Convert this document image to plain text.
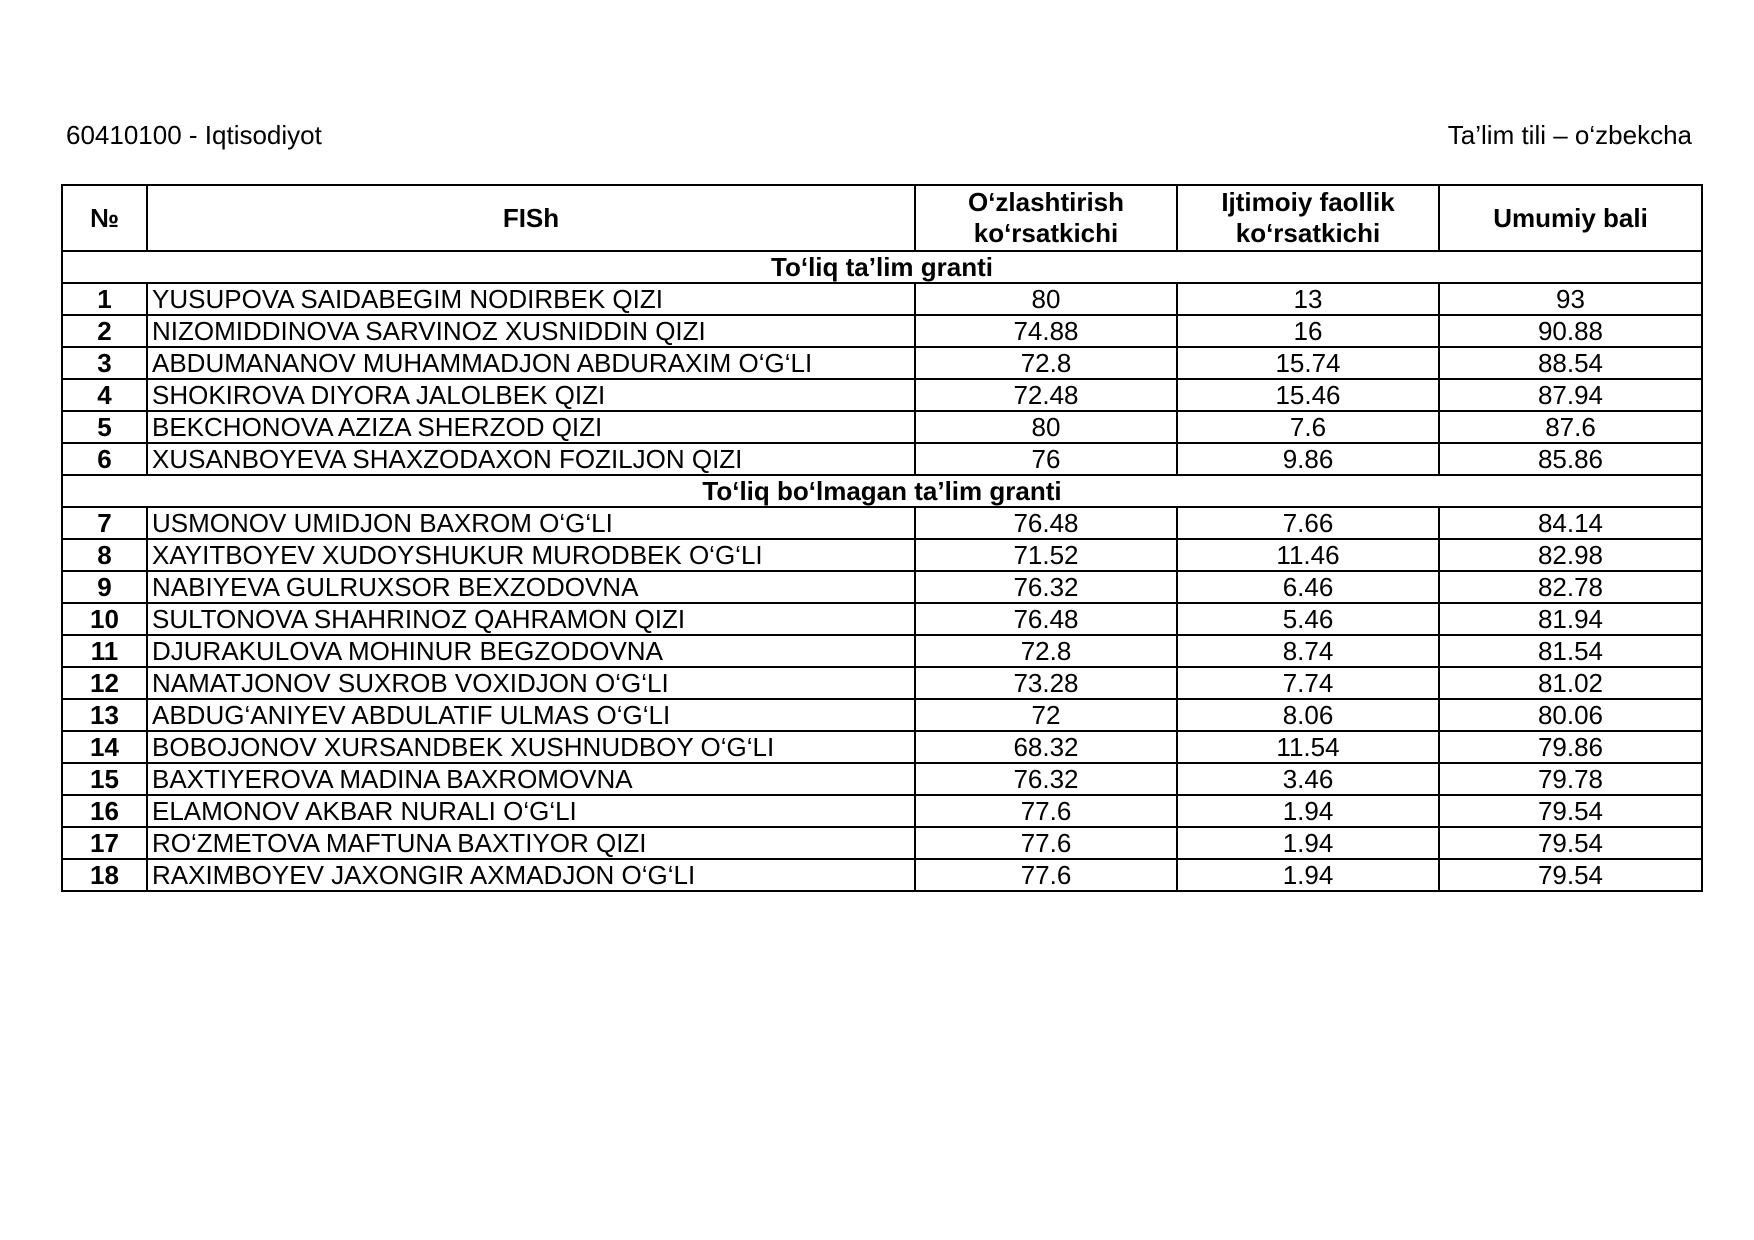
60410100 - Iqtisodiyot	Ta’lim tili – o‘zbekcha
№	FISh	O‘zlashtirish ko‘rsatkichi	Ijtimoiy faollik ko‘rsatkichi	Umumiy bali
To‘liq ta’lim granti				
1	YUSUPOVA SAIDABEGIM NODIRBEK QIZI	80	13	93
2	NIZOMIDDINOVA SARVINOZ XUSNIDDIN QIZI	74.88	16	90.88
3	ABDUMANANOV MUHAMMADJON ABDURAXIM O‘G‘LI	72.8	15.74	88.54
4	SHOKIROVA DIYORA JALOLBEK QIZI	72.48	15.46	87.94
5	BEKCHONOVA AZIZA SHERZOD QIZI	80	7.6	87.6
6	XUSANBOYEVA SHAXZODAXON FOZILJON QIZI	76	9.86	85.86
To‘liq bo‘lmagan ta’lim granti				
7	USMONOV UMIDJON BAXROM O‘G‘LI	76.48	7.66	84.14
8	XAYITBOYEV XUDOYSHUKUR MURODBEK O‘G‘LI	71.52	11.46	82.98
9	NABIYEVA GULRUXSOR BEXZODOVNA	76.32	6.46	82.78
10	SULTONOVA SHAHRINOZ QAHRAMON QIZI	76.48	5.46	81.94
11	DJURAKULOVA MOHINUR BEGZODOVNA	72.8	8.74	81.54
12	NAMATJONOV SUXROB VOXIDJON O‘G‘LI	73.28	7.74	81.02
13	ABDUG‘ANIYEV ABDULATIF ULMAS O‘G‘LI	72	8.06	80.06
14	BOBOJONOV XURSANDBEK XUSHNUDBOY O‘G‘LI	68.32	11.54	79.86
15	BAXTIYEROVA MADINA BAXROMOVNA	76.32	3.46	79.78
16	ELAMONOV AKBAR NURALI O‘G‘LI	77.6	1.94	79.54
17	RO‘ZMETOVA MAFTUNA BAXTIYOR QIZI	77.6	1.94	79.54
18	RAXIMBOYEV JAXONGIR AXMADJON O‘G‘LI	77.6	1.94	79.54
